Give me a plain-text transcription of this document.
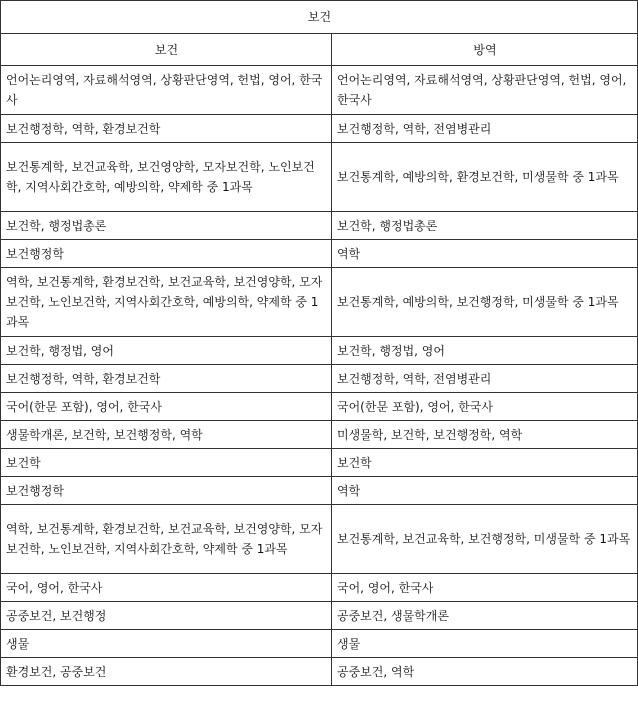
보건	
보건	방역
언어논리영역, 자료해석영역, 상황판단영역, 헌법, 영어, 한국사	언어논리영역, 자료해석영역, 상황판단영역, 헌법, 영어, 한국사
보건행정학, 역학, 환경보건학	보건행정학, 역학, 전염병관리
보건통계학, 보건교육학, 보건영양학, 모자보건학, 노인보건학, 지역사회간호학, 예방의학, 약제학 중 1과목	보건통계학, 예방의학, 환경보건학, 미생물학 중 1과목
보건학, 행정법총론	보건학, 행정법총론
보건행정학	역학
역학, 보건통계학, 환경보건학, 보건교육학, 보건영양학, 모자보건학, 노인보건학, 지역사회간호학, 예방의학, 약제학 중 1과목	보건통계학, 예방의학, 보건행정학, 미생물학 중 1과목
보건학, 행정법, 영어	보건학, 행정법, 영어
보건행정학, 역학, 환경보건학	보건행정학, 역학, 전염병관리
국어(한문 포함), 영어, 한국사	국어(한문 포함), 영어, 한국사
생물학개론, 보건학, 보건행정학, 역학	미생물학, 보건학, 보건행정학, 역학
보건학	보건학
보건행정학	역학
역학, 보건통계학, 환경보건학, 보건교육학, 보건영양학, 모자보건학, 노인보건학, 지역사회간호학, 약제학 중 1과목	보건통계학, 보건교육학, 보건행정학, 미생물학 중 1과목
국어, 영어, 한국사	국어, 영어, 한국사
공중보건, 보건행정	공중보건, 생물학개론
생물	생물
환경보건, 공중보건	공중보건, 역학
